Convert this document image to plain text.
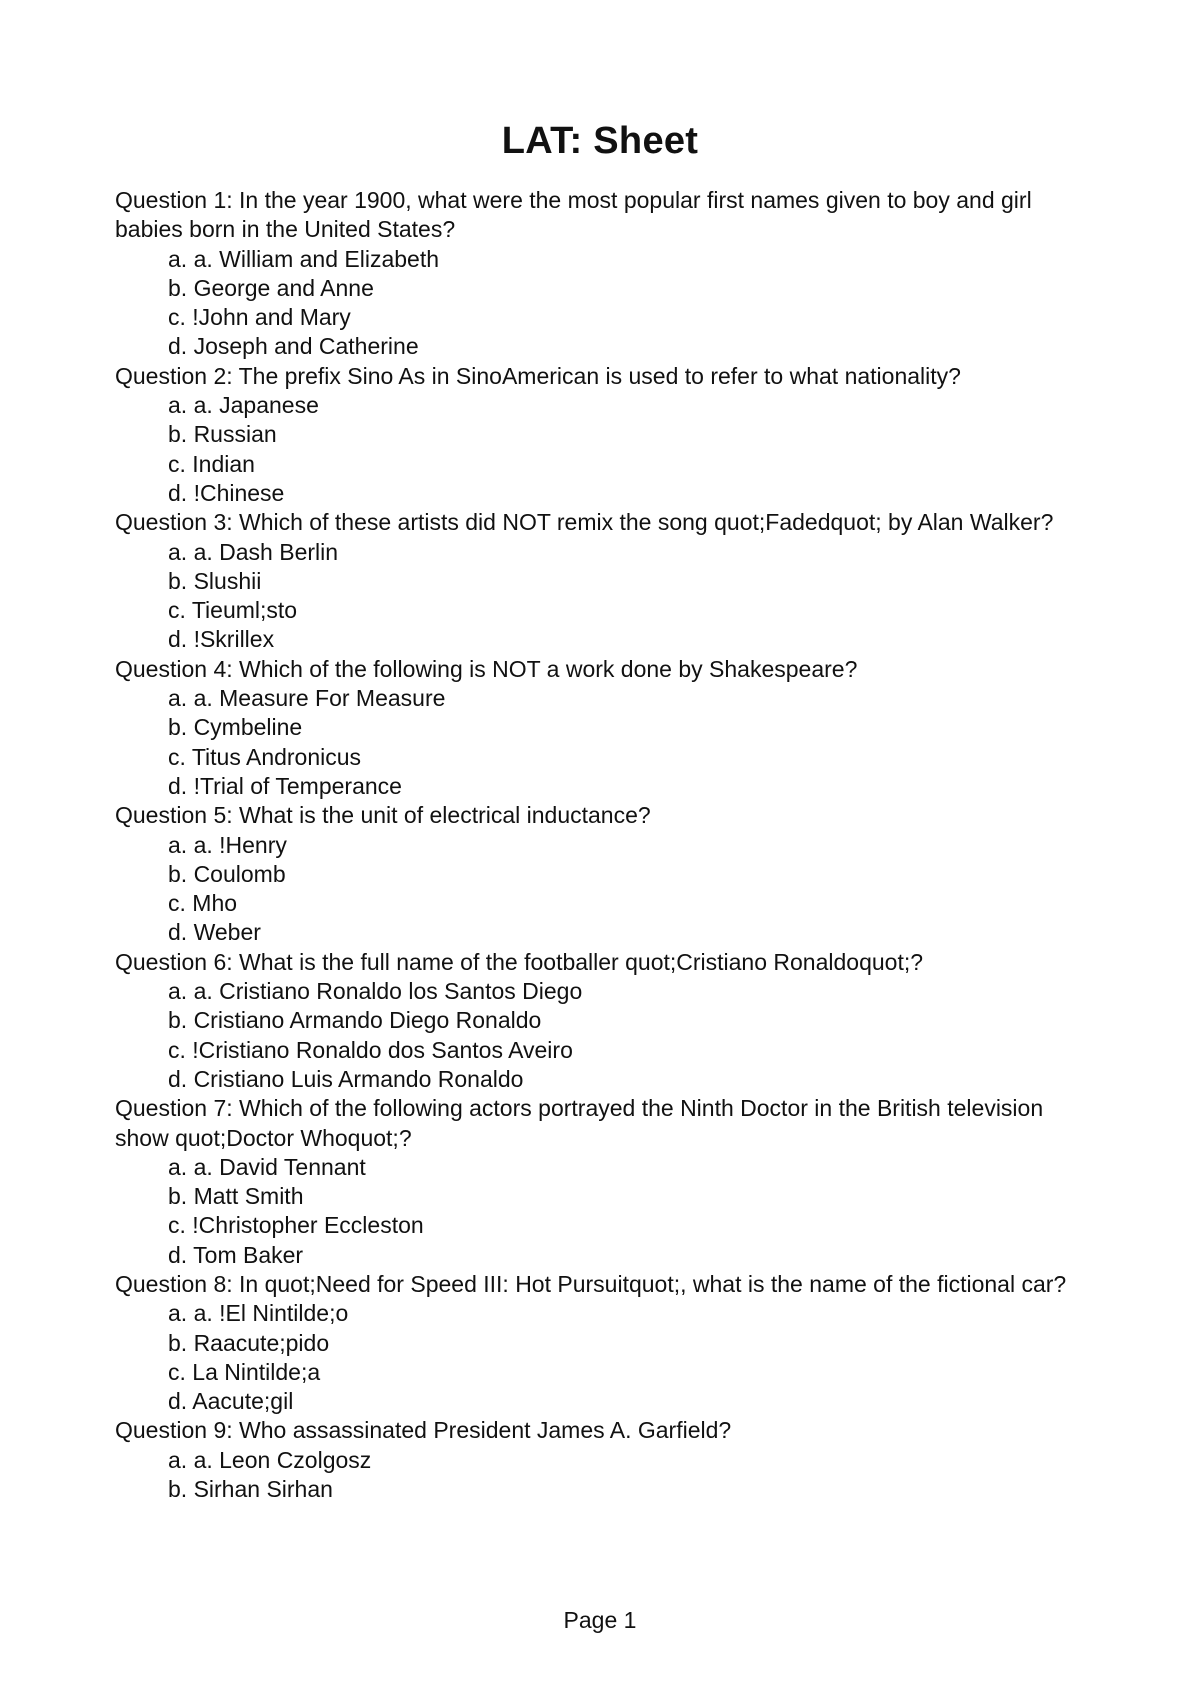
LAT: Sheet
Question 1: In the year 1900, what were the most popular first names given to boy and girl babies born in the United States?
a. a. William and Elizabeth
b. George and Anne
c. !John and Mary
d. Joseph and Catherine
Question 2: The prefix Sino As in SinoAmerican is used to refer to what nationality?
a. a. Japanese
b. Russian
c. Indian
d. !Chinese
Question 3: Which of these artists did NOT remix the song quot;Fadedquot; by Alan Walker?
a. a. Dash Berlin
b. Slushii
c. Tieuml;sto
d. !Skrillex
Question 4: Which of the following is NOT a work done by Shakespeare?
a. a. Measure For Measure
b. Cymbeline
c. Titus Andronicus
d. !Trial of Temperance
Question 5: What is the unit of electrical inductance?
a. a. !Henry
b. Coulomb
c. Mho
d. Weber
Question 6: What is the full name of the footballer quot;Cristiano Ronaldoquot;?
a. a. Cristiano Ronaldo los Santos Diego
b. Cristiano Armando Diego Ronaldo
c. !Cristiano Ronaldo dos Santos Aveiro
d. Cristiano Luis Armando Ronaldo
Question 7: Which of the following actors portrayed the Ninth Doctor in the British television show quot;Doctor Whoquot;?
a. a. David Tennant
b. Matt Smith
c. !Christopher Eccleston
d. Tom Baker
Question 8: In quot;Need for Speed III: Hot Pursuitquot;, what is the name of the fictional car?
a. a. !El Nintilde;o
b. Raacute;pido
c. La Nintilde;a
d. Aacute;gil
Question 9: Who assassinated President James A. Garfield?
a. a. Leon Czolgosz
b. Sirhan Sirhan
Page 1
